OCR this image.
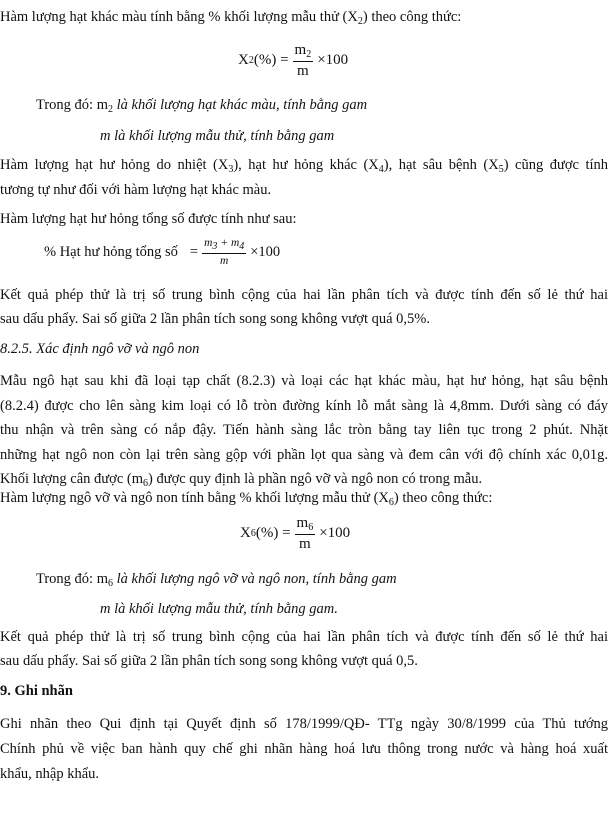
Hàm lượng hạt khác màu tính bằng % khối lượng mẫu thử $(X_2)$ theo công thức:

X 2 (%) = $\frac{m_2}{m} \times 100$

Trong đó: $m_2$ là khối lượng hạt khác màu, tính bằng gam

m là khối lượng mẫu thử, tính bằng gam

Hàm lượng hạt hư hỏng do nhiệt $(X_3)$, hạt hư hỏng khác $(X_4)$, hạt sâu bệnh $(X_5)$ cũng được tính
tương tự như đối với hàm lượng hạt khác màu.

Hàm lượng hạt hư hỏng tổng số được tính như sau:

% Hạt hư hỏng tổng số = $\frac{m_3 + m_4}{m} \times 100$

Kết quả phép thử là trị số trung bình cộng của hai lần phân tích và được tính đến số lẻ thứ hai
sau dấu phẩy. Sai số giữa 2 lần phân tích song song không vượt quá 0,5%.

8.2.5. Xác định ngô vỡ và ngô non

Mẫu ngô hạt sau khi đã loại tạp chất (8.2.3) và loại các hạt khác màu, hạt hư hỏng, hạt sâu bệnh
(8.2.4) được cho lên sàng kim loại có lỗ tròn đường kính lỗ mắt sàng là 4,8mm. Dưới sàng có đáy
thu nhận và trên sàng có nắp đậy. Tiến hành sàng lắc tròn bằng tay liên tục trong 2 phút. Nhặt
những hạt ngô non còn lại trên sàng gộp với phần lọt qua sàng và đem cân với độ chính xác 0,01g.
Khối lượng cân được $(m_6)$ được quy định là phần ngô vỡ và ngô non có trong mẫu.

Hàm lượng ngô vỡ và ngô non tính bằng % khối lượng mẫu thử $(X_6)$ theo công thức:

X 6 (%) = $\frac{m_6}{m} \times 100$

Trong đó: $m_6$ là khối lượng ngô vỡ và ngô non, tính bằng gam

m là khối lượng mẫu thử, tính bằng gam.

Kết quả phép thử là trị số trung bình cộng của hai lần phân tích và được tính đến số lẻ thứ hai
sau dấu phẩy. Sai số giữa 2 lần phân tích song song không vượt quá 0,5.

9. Ghi nhãn

Ghi nhãn theo Qui định tại Quyết định số 178/1999/QĐ- TTg ngày 30/8/1999 của Thủ tướng
Chính phủ về việc ban hành quy chế ghi nhãn hàng hoá lưu thông trong nước và hàng hoá xuất
khẩu, nhập khẩu.
